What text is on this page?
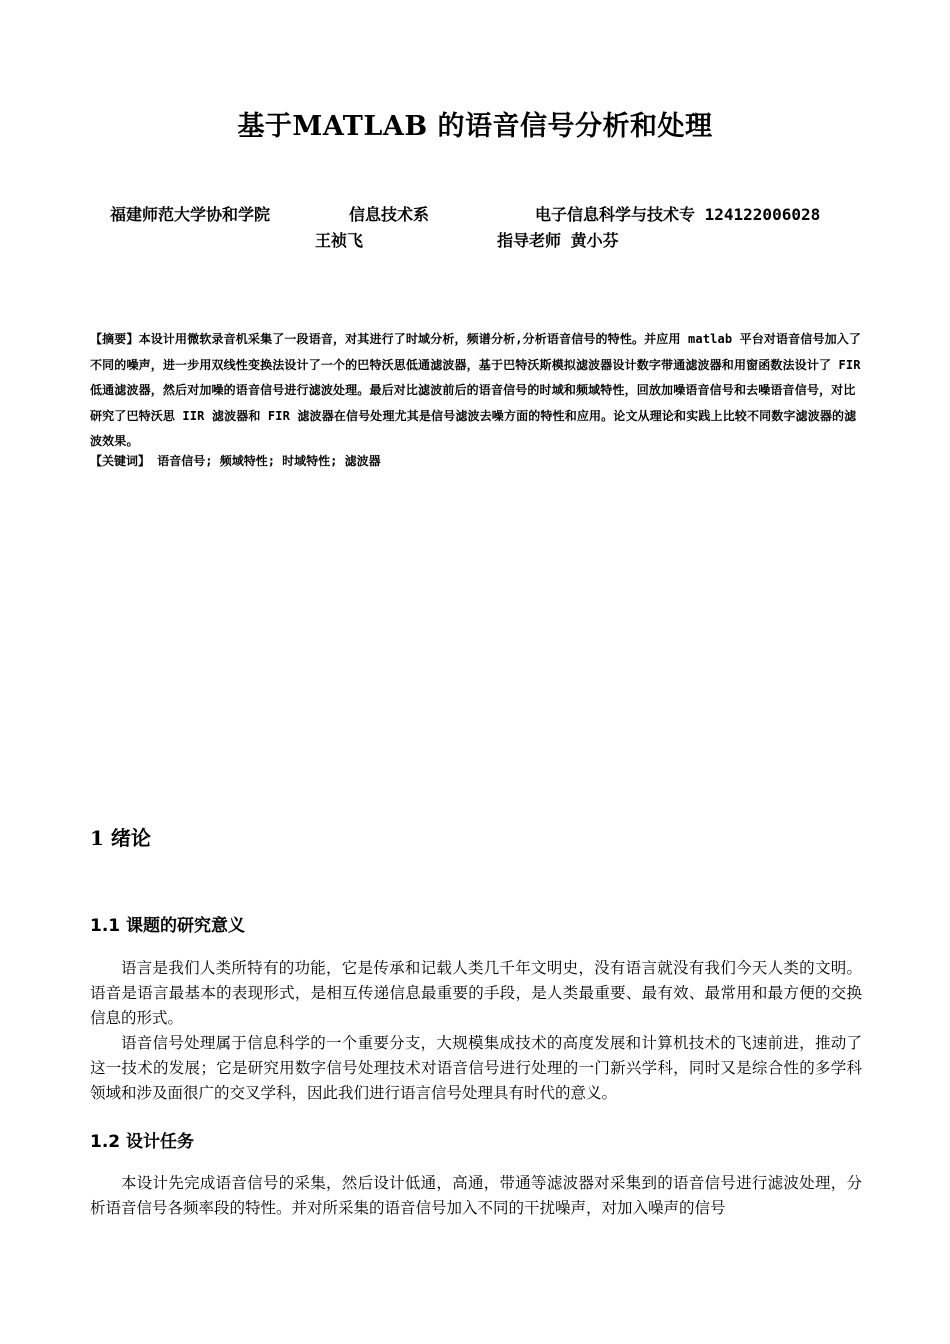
基于MATLAB 的语音信号分析和处理
福建师范大学协和学院	信息技术系	电子信息科学与技术专 124122006028
王祯飞	指导老师 黄小芬
【摘要】本设计用微软录音机采集了一段语音，对其进行了时域分析，频谱分析,分析语音信号的特性。并应用 matlab 平台对语音信号加入了不同的噪声，进一步用双线性变换法设计了一个的巴特沃思低通滤波器，基于巴特沃斯模拟滤波器设计数字带通滤波器和用窗函数法设计了 FIR 低通滤波器，然后对加噪的语音信号进行滤波处理。最后对比滤波前后的语音信号的时域和频域特性，回放加噪语音信号和去噪语音信号，对比研究了巴特沃思 IIR 滤波器和 FIR 滤波器在信号处理尤其是信号滤波去噪方面的特性和应用。论文从理论和实践上比较不同数字滤波器的滤波效果。
【关键词】 语音信号; 频域特性; 时域特性; 滤波器
1 绪论
1.1 课题的研究意义
语言是我们人类所特有的功能，它是传承和记载人类几千年文明史，没有语言就没有我们今天人类的文明。语音是语言最基本的表现形式，是相互传递信息最重要的手段，是人类最重要、最有效、最常用和最方便的交换信息的形式。
语音信号处理属于信息科学的一个重要分支，大规模集成技术的高度发展和计算机技术的飞速前进，推动了这一技术的发展；它是研究用数字信号处理技术对语音信号进行处理的一门新兴学科，同时又是综合性的多学科领域和涉及面很广的交叉学科，因此我们进行语言信号处理具有时代的意义。
1.2 设计任务
本设计先完成语音信号的采集，然后设计低通，高通，带通等滤波器对采集到的语音信号进行滤波处理，分析语音信号各频率段的特性。并对所采集的语音信号加入不同的干扰噪声，对加入噪声的信号
